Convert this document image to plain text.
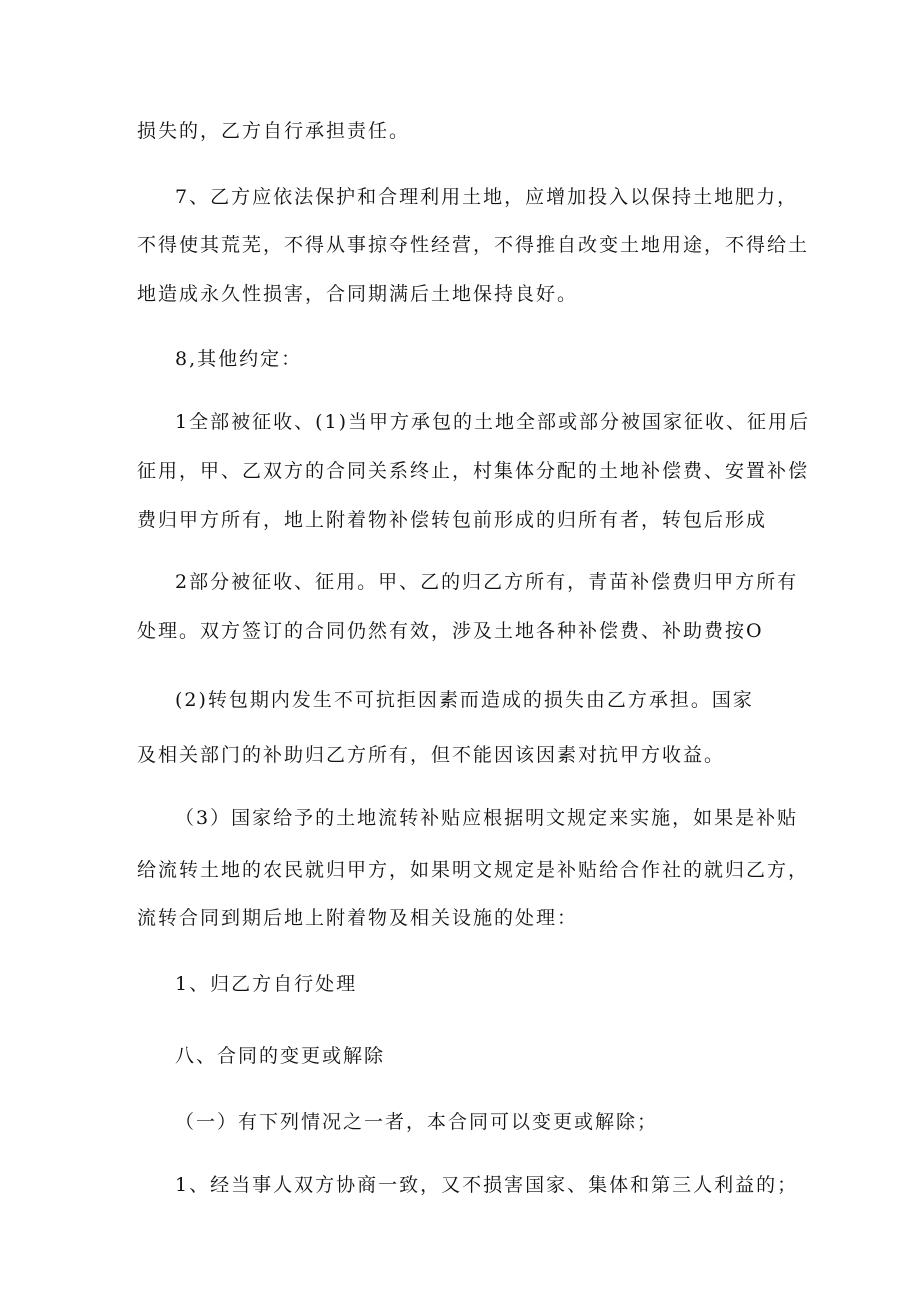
损失的，乙方自行承担责任。
7、乙方应依法保护和合理利用土地，应增加投入以保持土地肥力，
不得使其荒芜，不得从事掠夺性经营，不得推自改变土地用途，不得给土
地造成永久性损害，合同期满后土地保持良好。
8,其他约定：
1全部被征收、(1)当甲方承包的土地全部或部分被国家征收、征用后
征用，甲、乙双方的合同关系终止，村集体分配的土地补偿费、安置补偿
费归甲方所有，地上附着物补偿转包前形成的归所有者，转包后形成
2部分被征收、征用。甲、乙的归乙方所有，青苗补偿费归甲方所有
处理。双方签订的合同仍然有效，涉及土地各种补偿费、补助费按O
(2)转包期内发生不可抗拒因素而造成的损失由乙方承担。国家
及相关部门的补助归乙方所有，但不能因该因素对抗甲方收益。
（3）国家给予的土地流转补贴应根据明文规定来实施，如果是补贴
给流转土地的农民就归甲方，如果明文规定是补贴给合作社的就归乙方，
流转合同到期后地上附着物及相关设施的处理：
1、归乙方自行处理
八、合同的变更或解除
（一）有下列情况之一者，本合同可以变更或解除；
1、经当事人双方协商一致，又不损害国家、集体和第三人利益的；
